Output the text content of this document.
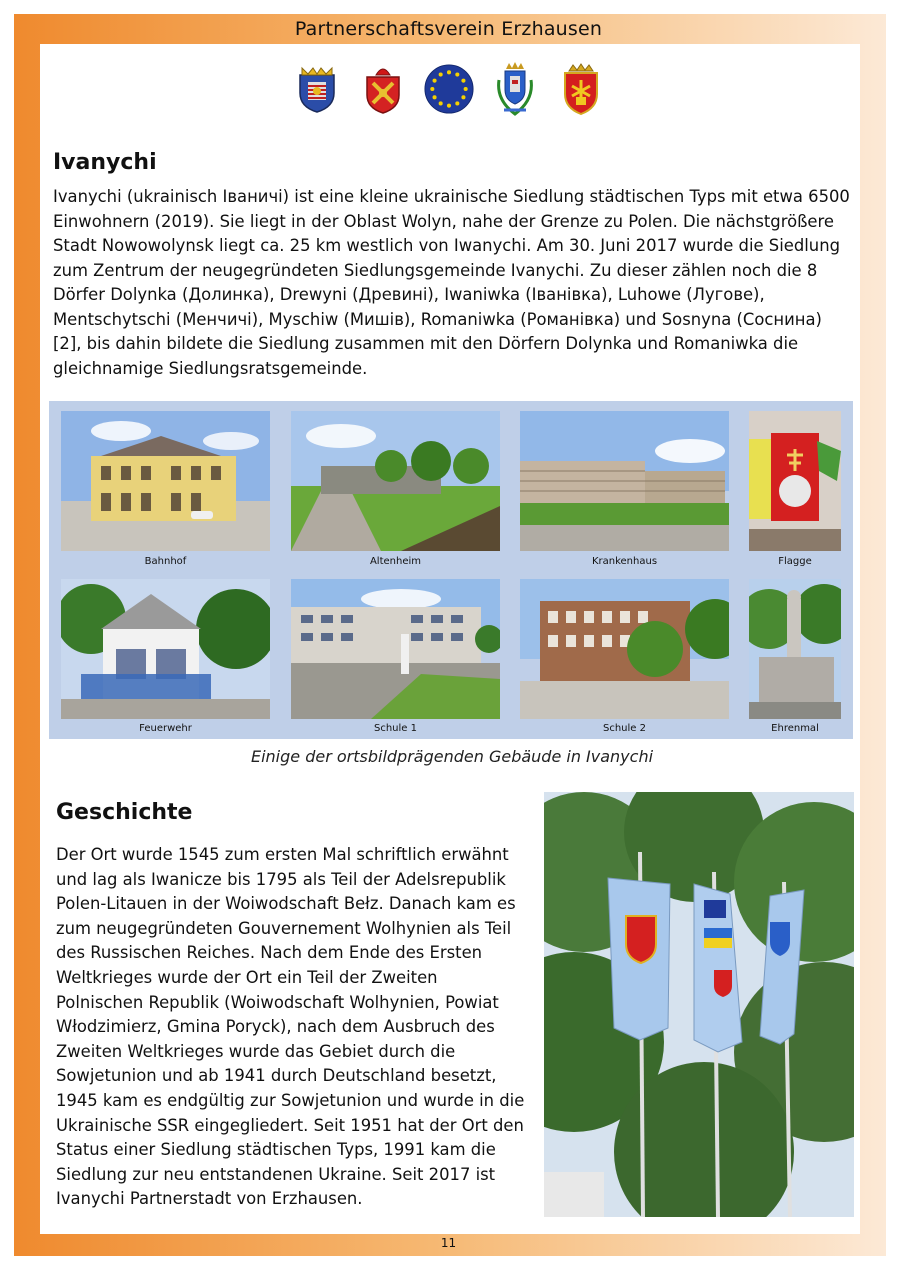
Partnerschaftsverein Erzhausen
Ivanychi

Ivanychi (ukrainisch Іваничі) ist eine kleine ukrainische Siedlung städtischen Typs mit etwa 6500 Einwohnern (2019). Sie liegt in der Oblast Wolyn, nahe der Grenze zu Polen. Die nächstgrößere Stadt Nowowolynsk liegt ca. 25 km westlich von Iwanychi. Am 30. Juni 2017 wurde die Siedlung zum Zentrum der neugegründeten Siedlungsgemeinde Ivanychi. Zu dieser zählen noch die 8 Dörfer Dolynka (Долинка), Drewyni (Древині), Iwaniwka (Іванівка), Luhowe (Лугове), Mentschytschi (Менчичі), Myschiw (Мишів), Romaniwka (Романівка) und Sosnyna (Соснина) [2], bis dahin bildete die Siedlung zusammen mit den Dörfern Dolynka und Romaniwka die gleichnamige Siedlungsratsgemeinde.

Bahnhof	Altenheim	Krankenhaus	Flagge
Feuerwehr	Schule 1	Schule 2	Ehrenmal
Einige der ortsbildprägenden Gebäude in Ivanychi
Geschichte

Der Ort wurde 1545 zum ersten Mal schriftlich erwähnt und lag als Iwanicze bis 1795 als Teil der Adelsrepublik Polen-Litauen in der Woiwodschaft Bełz. Danach kam es zum neugegründeten Gouvernement Wolhynien als Teil des Russischen Reiches. Nach dem Ende des Ersten Weltkrieges wurde der Ort ein Teil der Zweiten Polnischen Republik (Woiwodschaft Wolhynien, Powiat Włodzimierz, Gmina Poryck), nach dem Ausbruch des Zweiten Weltkrieges wurde das Gebiet durch die Sowjetunion und ab 1941 durch Deutschland besetzt, 1945 kam es endgültig zur Sowjetunion und wurde in die Ukrainische SSR eingegliedert. Seit 1951 hat der Ort den Status einer Siedlung städtischen Typs, 1991 kam die Siedlung zur neu entstandenen Ukraine. Seit 2017 ist Ivanychi Partnerstadt von Erzhausen.

11
